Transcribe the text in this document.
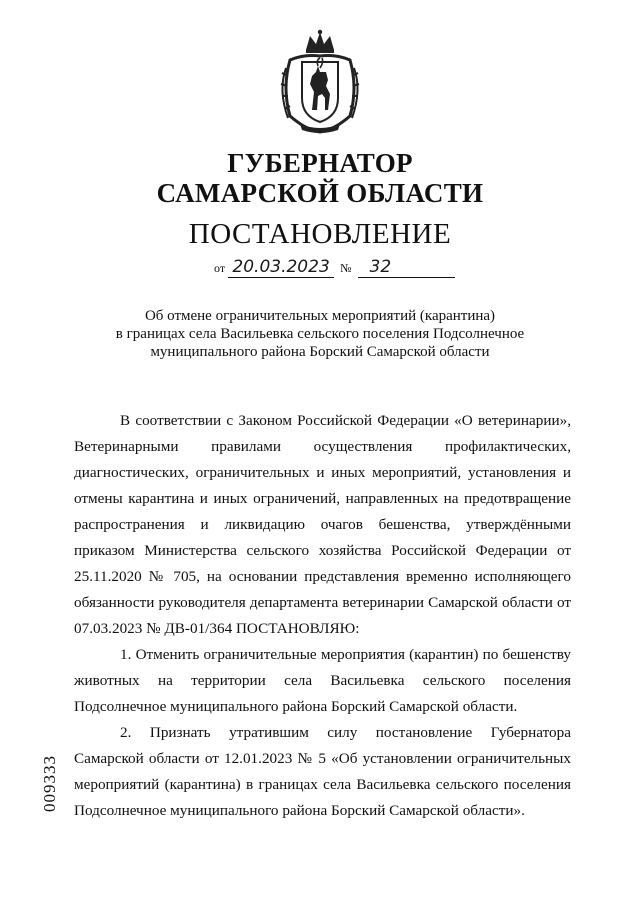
ГУБЕРНАТОР
САМАРСКОЙ ОБЛАСТИ
ПОСТАНОВЛЕНИЕ
от 20.03.2023 № 32
Об отмене ограничительных мероприятий (карантина)
в границах села Васильевка сельского поселения Подсолнечное
муниципального района Борский Самарской области

В соответствии с Законом Российской Федерации «О ветеринарии», Ветеринарными правилами осуществления профилактических, диагностических, ограничительных и иных мероприятий, установления и отмены карантина и иных ограничений, направленных на предотвращение распространения и ликвидацию очагов бешенства, утверждёнными приказом Министерства сельского хозяйства Российской Федерации от 25.11.2020 № 705, на основании представления временно исполняющего обязанности руководителя департамента ветеринарии Самарской области от 07.03.2023 № ДВ-01/364 ПОСТАНОВЛЯЮ:

1. Отменить ограничительные мероприятия (карантин) по бешенству животных на территории села Васильевка сельского поселения Подсолнечное муниципального района Борский Самарской области.

2. Признать утратившим силу постановление Губернатора Самарской области от 12.01.2023 № 5 «Об установлении ограничительных мероприятий (карантина) в границах села Васильевка сельского поселения Подсолнечное муниципального района Борский Самарской области».

009333
